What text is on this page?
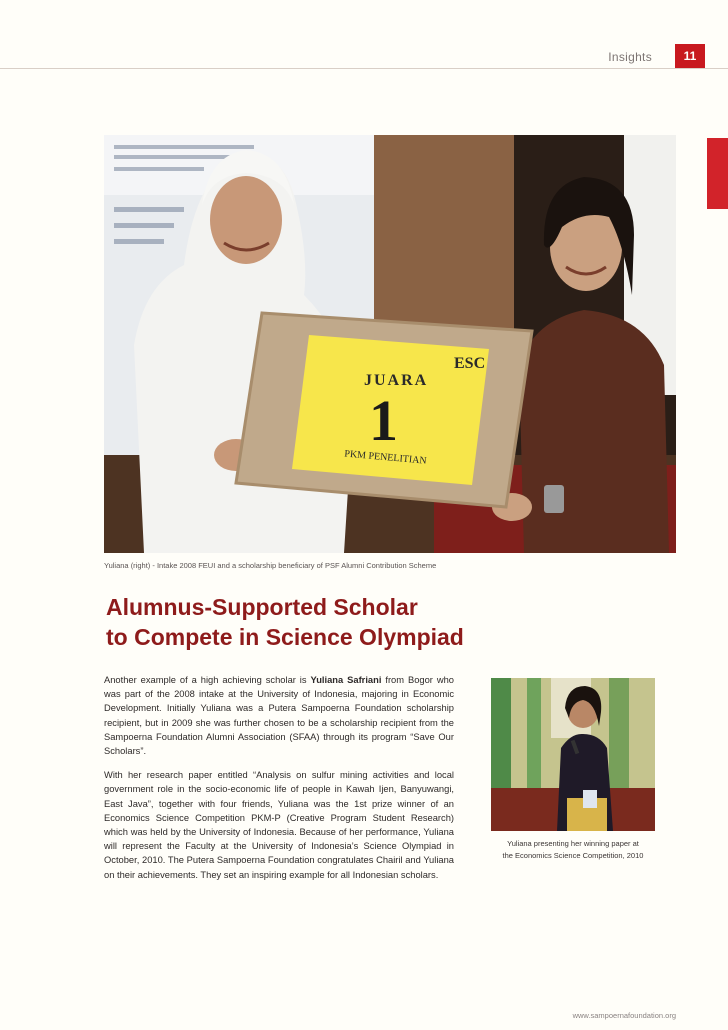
Insights	11
ESC
JUARA
1
PKM PENELITIAN
Yuliana (right) - Intake 2008 FEUI and a scholarship beneficiary of PSF Alumni Contribution Scheme
Alumnus-Supported Scholar
to Compete in Science Olympiad

Another example of a high achieving scholar is Yuliana Safriani from Bogor who was part of the 2008 intake at the University of Indonesia, majoring in Economic Development. Initially Yuliana was a Putera Sampoerna Foundation scholarship recipient, but in 2009 she was further chosen to be a scholarship recipient from the Sampoerna Foundation Alumni Association (SFAA) through its program “Save Our Scholars”.

With her research paper entitled “Analysis on sulfur mining activities and local government role in the socio-economic life of people in Kawah Ijen, Banyuwangi, East Java”, together with four friends, Yuliana was the 1st prize winner of an Economics Science Competition PKM-P (Creative Program Student Research) which was held by the University of Indonesia. Because of her performance, Yuliana will represent the Faculty at the University of Indonesia’s Science Olympiad in October, 2010. The Putera Sampoerna Foundation congratulates Chairil and Yuliana on their achievements. They set an inspiring example for all Indonesian scholars.

Yuliana presenting her winning paper at
the Economics Science Competition, 2010
www.sampoernafoundation.org
